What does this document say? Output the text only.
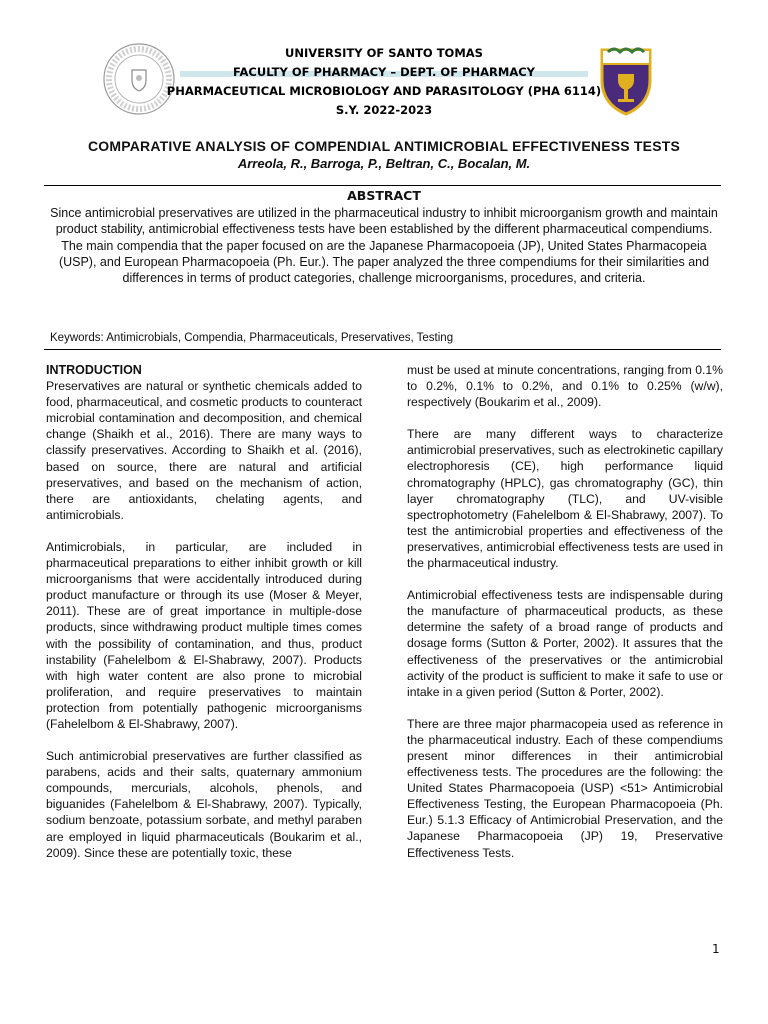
UNIVERSITY OF SANTO TOMAS
FACULTY OF PHARMACY – DEPT. OF PHARMACY
PHARMACEUTICAL MICROBIOLOGY AND PARASITOLOGY (PHA 6114)
S.Y. 2022-2023
COMPARATIVE ANALYSIS OF COMPENDIAL ANTIMICROBIAL EFFECTIVENESS TESTS
Arreola, R., Barroga, P., Beltran, C., Bocalan, M.
ABSTRACT
Since antimicrobial preservatives are utilized in the pharmaceutical industry to inhibit microorganism growth and maintain product stability, antimicrobial effectiveness tests have been established by the different pharmaceutical compendiums. The main compendia that the paper focused on are the Japanese Pharmacopoeia (JP), United States Pharmacopeia (USP), and European Pharmacopoeia (Ph. Eur.). The paper analyzed the three compendiums for their similarities and differences in terms of product categories, challenge microorganisms, procedures, and criteria.
Keywords: Antimicrobials, Compendia, Pharmaceuticals, Preservatives, Testing
INTRODUCTION

Preservatives are natural or synthetic chemicals added to food, pharmaceutical, and cosmetic products to counteract microbial contamination and decomposition, and chemical change (Shaikh et al., 2016). There are many ways to classify preservatives. According to Shaikh et al. (2016), based on source, there are natural and artificial preservatives, and based on the mechanism of action, there are antioxidants, chelating agents, and antimicrobials.

Antimicrobials, in particular, are included in pharmaceutical preparations to either inhibit growth or kill microorganisms that were accidentally introduced during product manufacture or through its use (Moser & Meyer, 2011). These are of great importance in multiple-dose products, since withdrawing product multiple times comes with the possibility of contamination, and thus, product instability (Fahelelbom & El-Shabrawy, 2007). Products with high water content are also prone to microbial proliferation, and require preservatives to maintain protection from potentially pathogenic microorganisms (Fahelelbom & El-Shabrawy, 2007).

Such antimicrobial preservatives are further classified as parabens, acids and their salts, quaternary ammonium compounds, mercurials, alcohols, phenols, and biguanides (Fahelelbom & El-Shabrawy, 2007). Typically, sodium benzoate, potassium sorbate, and methyl paraben are employed in liquid pharmaceuticals (Boukarim et al., 2009). Since these are potentially toxic, these

must be used at minute concentrations, ranging from 0.1% to 0.2%, 0.1% to 0.2%, and 0.1% to 0.25% (w/w), respectively (Boukarim et al., 2009).

There are many different ways to characterize antimicrobial preservatives, such as electrokinetic capillary electrophoresis (CE), high performance liquid chromatography (HPLC), gas chromatography (GC), thin layer chromatography (TLC), and UV-visible spectrophotometry (Fahelelbom & El-Shabrawy, 2007). To test the antimicrobial properties and effectiveness of the preservatives, antimicrobial effectiveness tests are used in the pharmaceutical industry.

Antimicrobial effectiveness tests are indispensable during the manufacture of pharmaceutical products, as these determine the safety of a broad range of products and dosage forms (Sutton & Porter, 2002). It assures that the effectiveness of the preservatives or the antimicrobial activity of the product is sufficient to make it safe to use or intake in a given period (Sutton & Porter, 2002).

There are three major pharmacopeia used as reference in the pharmaceutical industry. Each of these compendiums present minor differences in their antimicrobial effectiveness tests. The procedures are the following: the United States Pharmacopoeia (USP) <51> Antimicrobial Effectiveness Testing, the European Pharmacopoeia (Ph. Eur.) 5.1.3 Efficacy of Antimicrobial Preservation, and the Japanese Pharmacopoeia (JP) 19, Preservative Effectiveness Tests.

1
